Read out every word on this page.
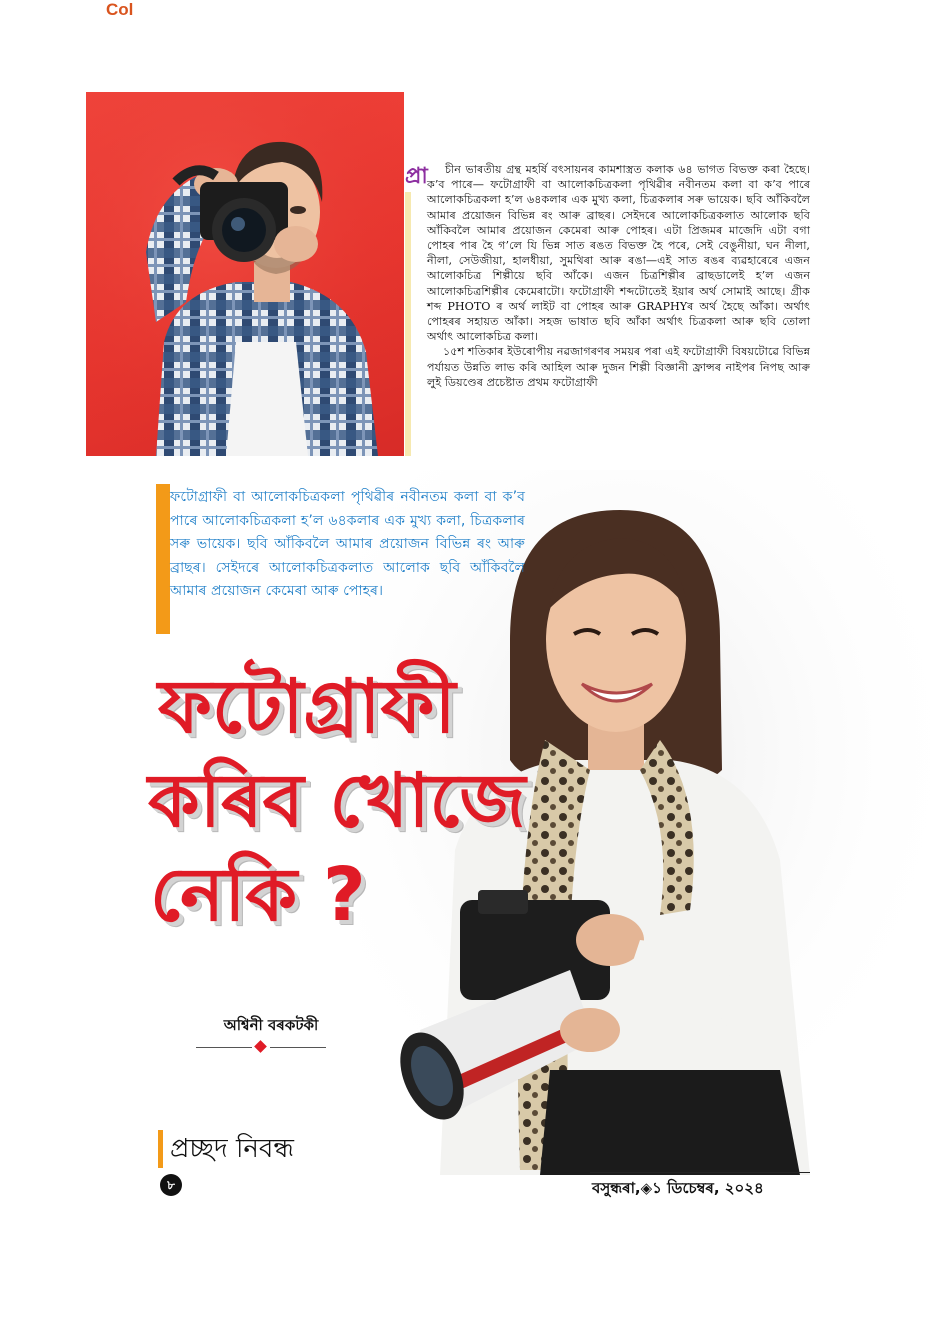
Col
প্রা	চীন ভাৰতীয় গ্ৰন্থ মহৰ্ষি বৎসায়নৰ কামশাস্ত্ৰত কলাক ৬৪ ভাগত বিভক্ত কৰা হৈছে। ক’ব পাৰে— ফটোগ্ৰাফী বা আলোকচিত্ৰকলা পৃথিৱীৰ নবীনতম কলা বা ক’ব পাৰে আলোকচিত্ৰকলা হ’ল ৬৪কলাৰ এক মুখ্য কলা, চিত্ৰকলাৰ সৰু ভায়েক। ছবি আঁকিবলৈ আমাৰ প্ৰয়োজন বিভিন্ন ৰং আৰু ব্ৰাছৰ। সেইদৰে আলোকচিত্ৰকলাত আলোক ছবি আঁকিবলৈ আমাৰ প্ৰয়োজন কেমেৰা আৰু পোহৰ। এটা প্ৰিজমৰ মাজেদি এটা বগা পোহৰ পাৰ হৈ গ’লে যি ভিন্ন সাত ৰঙত বিভক্ত হৈ পৰে, সেই বেঙুনীয়া, ঘন নীলা, নীলা, সেউজীয়া, হালধীয়া, সুমথিৰা আৰু ৰঙা—এই সাত ৰঙৰ ব্যৱহাৰেৰে এজন আলোকচিত্ৰ শিল্পীয়ে ছবি আঁকে। এজন চিত্ৰশিল্পীৰ ব্ৰাছডালেই হ’ল এজন আলোকচিত্ৰশিল্পীৰ কেমেৰাটো। ফটোগ্ৰাফী শব্দটোতেই ইয়াৰ অৰ্থ সোমাই আছে। গ্ৰীক শব্দ PHOTO ৰ অৰ্থ লাইট বা পোহৰ আৰু GRAPHYৰ অৰ্থ হৈছে আঁকা। অৰ্থাৎ পোহৰৰ সহায়ত আঁকা। সহজ ভাষাত ছবি আঁকা অৰ্থাৎ চিত্ৰকলা আৰু ছবি তোলা অৰ্থাৎ আলোকচিত্ৰ কলা।

১৫শ শতিকাৰ ইউৰোপীয় নৱজাগৰণৰ সময়ৰ পৰা এই ফটোগ্ৰাফী বিষয়টোৱে বিভিন্ন পৰ্যায়ত উন্নতি লাভ কৰি আহিল আৰু দুজন শিল্পী বিজ্ঞানী ফ্ৰান্সৰ নাইপৰ নিপছ আৰু লুই ডিয়ণ্ডেৰ প্ৰচেষ্টাত প্ৰথম ফটোগ্ৰাফী

ফটোগ্ৰাফী বা আলোকচিত্ৰকলা পৃথিৱীৰ নবীনতম কলা বা ক’ব পাৰে আলোকচিত্ৰকলা হ’ল ৬৪কলাৰ এক মুখ্য কলা, চিত্ৰকলাৰ সৰু ভায়েক। ছবি আঁকিবলৈ আমাৰ প্ৰয়োজন বিভিন্ন ৰং আৰু ব্ৰাছৰ। সেইদৰে আলোকচিত্ৰকলাত আলোক ছবি আঁকিবলৈ আমাৰ প্ৰয়োজন কেমেৰা আৰু পোহৰ।
ফটোগ্ৰাফী
কৰিব খোজে
নেকি ?
অশ্বিনী বৰকটকী
প্ৰচ্ছদ নিবন্ধ
৮	বসুন্ধৰা,◈১ ডিচেম্বৰ, ২০২৪
